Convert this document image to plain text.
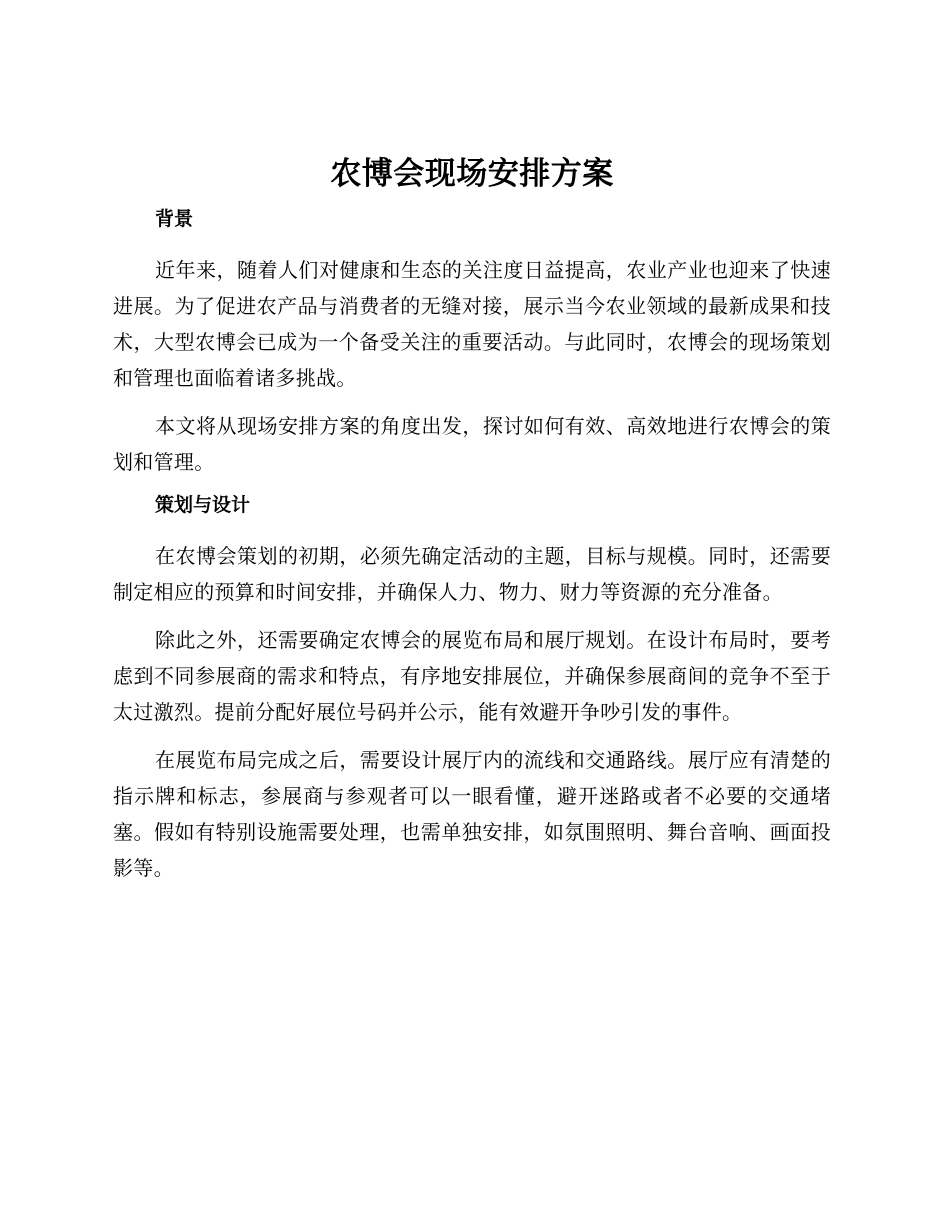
农博会现场安排方案
背景

近年来，随着人们对健康和生态的关注度日益提高，农业产业也迎来了快速进展。为了促进农产品与消费者的无缝对接，展示当今农业领域的最新成果和技术，大型农博会已成为一个备受关注的重要活动。与此同时，农博会的现场策划和管理也面临着诸多挑战。

本文将从现场安排方案的角度出发，探讨如何有效、高效地进行农博会的策划和管理。

策划与设计

在农博会策划的初期，必须先确定活动的主题，目标与规模。同时，还需要制定相应的预算和时间安排，并确保人力、物力、财力等资源的充分准备。

除此之外，还需要确定农博会的展览布局和展厅规划。在设计布局时，要考虑到不同参展商的需求和特点，有序地安排展位，并确保参展商间的竞争不至于太过激烈。提前分配好展位号码并公示，能有效避开争吵引发的事件。

在展览布局完成之后，需要设计展厅内的流线和交通路线。展厅应有清楚的指示牌和标志，参展商与参观者可以一眼看懂，避开迷路或者不必要的交通堵塞。假如有特别设施需要处理，也需单独安排，如氛围照明、舞台音响、画面投影等。
